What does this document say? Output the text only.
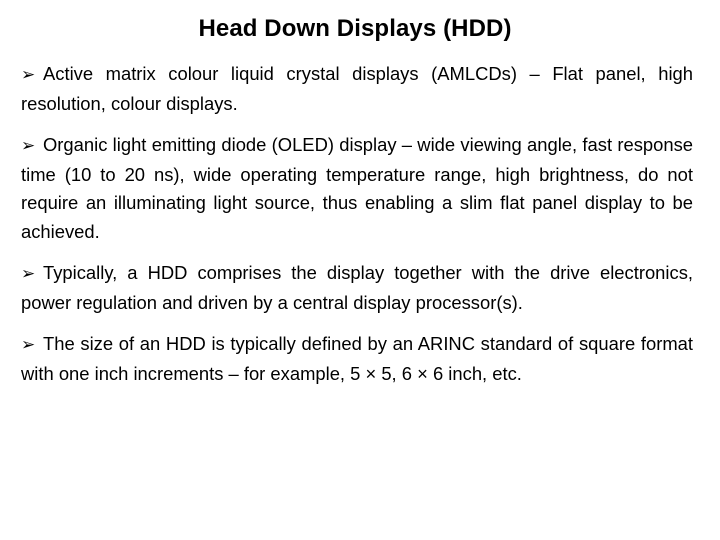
Head Down Displays (HDD)
➢ Active matrix colour liquid crystal displays (AMLCDs) – Flat panel, high resolution, colour displays.
➢ Organic light emitting diode (OLED) display – wide viewing angle, fast response time (10 to 20 ns), wide operating temperature range, high brightness, do not require an illuminating light source, thus enabling a slim flat panel display to be achieved.
➢ Typically, a HDD comprises the display together with the drive electronics, power regulation and driven by a central display processor(s).
➢ The size of an HDD is typically defined by an ARINC standard of square format with one inch increments – for example, 5 × 5, 6 × 6 inch, etc.
